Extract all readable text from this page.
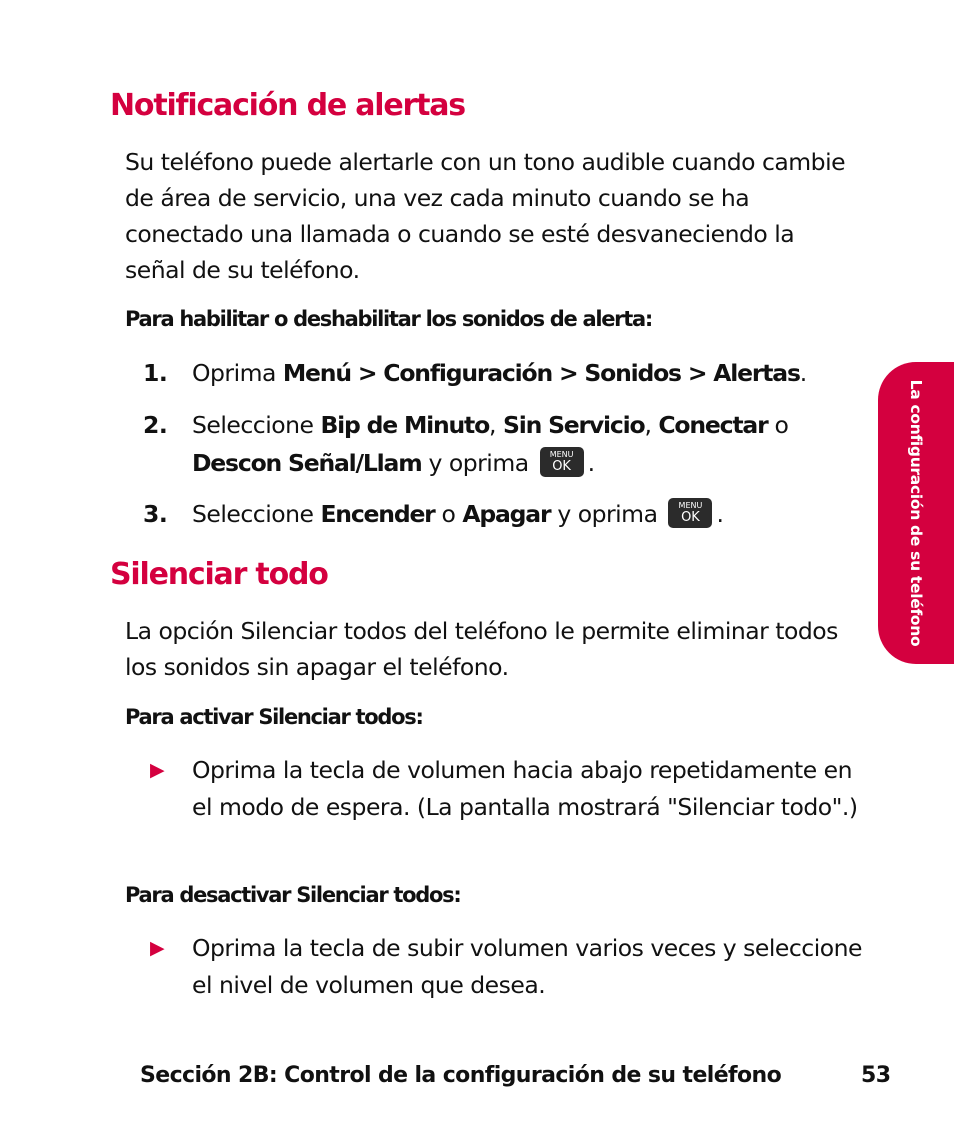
Notificación de alertas
Su teléfono puede alertarle con un tono audible cuando cambie de área de servicio, una vez cada minuto cuando se ha conectado una llamada o cuando se esté desvaneciendo la señal de su teléfono.
Para habilitar o deshabilitar los sonidos de alerta:
1.	Oprima Menú > Configuración > Sonidos > Alertas.
2.	Seleccione Bip de Minuto, Sin Servicio, Conectar o Descon Señal/Llam y oprima	MENU
OK .
3.	Seleccione Encender o Apagar y oprima	MENU
OK .
Silenciar todo
La opción Silenciar todos del teléfono le permite eliminar todos los sonidos sin apagar el teléfono.
Para activar Silenciar todos:
▶ Oprima la tecla de volumen hacia abajo repetidamente en el modo de espera. (La pantalla mostrará "Silenciar todo".)
Para desactivar Silenciar todos:
▶ Oprima la tecla de subir volumen varios veces y seleccione el nivel de volumen que desea.
La configuración de su teléfono
Sección 2B: Control de la configuración de su teléfono	53
